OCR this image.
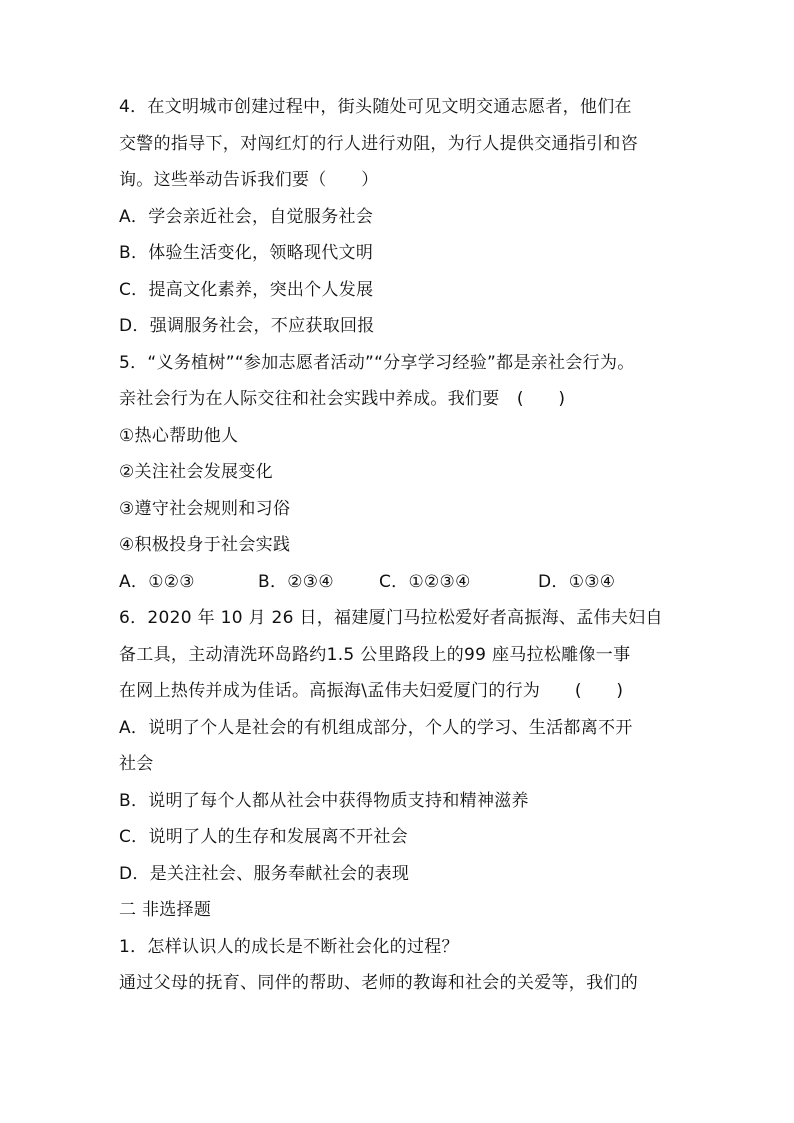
4．在文明城市创建过程中，街头随处可见文明交通志愿者，他们在
交警的指导下，对闯红灯的行人进行劝阻，为行人提供交通指引和咨
询。这些举动告诉我们要（　　）
A．学会亲近社会，自觉服务社会
B．体验生活变化，领略现代文明
C．提高文化素养，突出个人发展
D．强调服务社会，不应获取回报
5．“义务植树”“参加志愿者活动”“分享学习经验”都是亲社会行为。
亲社会行为在人际交往和社会实践中养成。我们要　(　　)
①热心帮助他人
②关注社会发展变化
③遵守社会规则和习俗
④积极投身于社会实践
A．①②③	B．②③④	C．①②③④	D．①③④
6．2020 年 10 月 26 日，福建厦门马拉松爱好者高振海、孟伟夫妇自
备工具，主动清洗环岛路约1.5 公里路段上的99 座马拉松雕像一事
在网上热传并成为佳话。高振海\孟伟夫妇爱厦门的行为　　(　　)
A．说明了个人是社会的有机组成部分，个人的学习、生活都离不开
社会
B．说明了每个人都从社会中获得物质支持和精神滋养
C．说明了人的生存和发展离不开社会
D．是关注社会、服务奉献社会的表现
二 非选择题
1．怎样认识人的成长是不断社会化的过程？
通过父母的抚育、同伴的帮助、老师的教诲和社会的关爱等，我们的
